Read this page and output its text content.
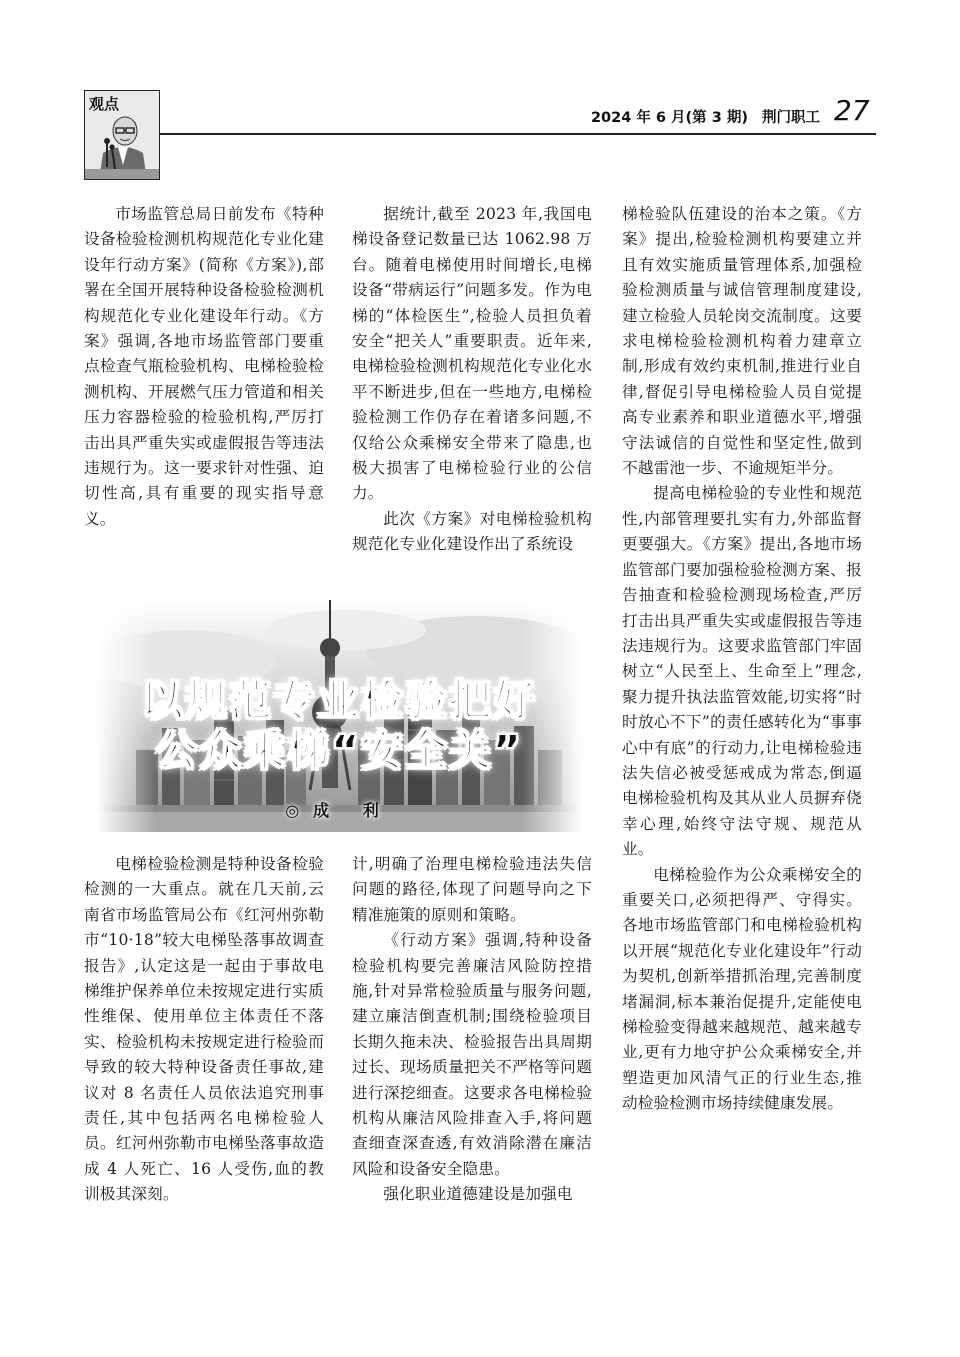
观点
2024 年 6 月(第 3 期) 荆门职工 27

市场监管总局日前发布《特种设备检验检测机构规范化专业化建设年行动方案》(简称《方案》),部署在全国开展特种设备检验检测机构规范化专业化建设年行动。《方案》强调,各地市场监管部门要重点检查气瓶检验机构、电梯检验检测机构、开展燃气压力管道和相关压力容器检验的检验机构,严厉打击出具严重失实或虚假报告等违法违规行为。这一要求针对性强、迫切性高,具有重要的现实指导意义。

据统计,截至 2023 年,我国电梯设备登记数量已达 1062.98 万台。随着电梯使用时间增长,电梯设备“带病运行”问题多发。作为电梯的“体检医生”,检验人员担负着安全“把关人”重要职责。近年来,电梯检验检测机构规范化专业化水平不断进步,但在一些地方,电梯检验检测工作仍存在着诸多问题,不仅给公众乘梯安全带来了隐患,也极大损害了电梯检验行业的公信力。

此次《方案》对电梯检验机构规范化专业化建设作出了系统设

以规范专业检验把好
公众乘梯“安全关”
◎成 利

电梯检验检测是特种设备检验检测的一大重点。就在几天前,云南省市场监管局公布《红河州弥勒市“10·18”较大电梯坠落事故调查报告》,认定这是一起由于事故电梯维护保养单位未按规定进行实质性维保、使用单位主体责任不落实、检验机构未按规定进行检验而导致的较大特种设备责任事故,建议对 8 名责任人员依法追究刑事责任,其中包括两名电梯检验人员。红河州弥勒市电梯坠落事故造成 4 人死亡、16 人受伤,血的教训极其深刻。

计,明确了治理电梯检验违法失信问题的路径,体现了问题导向之下精准施策的原则和策略。

《行动方案》强调,特种设备检验机构要完善廉洁风险防控措施,针对异常检验质量与服务问题,建立廉洁倒查机制;围绕检验项目长期久拖未决、检验报告出具周期过长、现场质量把关不严格等问题进行深挖细查。这要求各电梯检验机构从廉洁风险排查入手,将问题查细查深查透,有效消除潜在廉洁风险和设备安全隐患。

强化职业道德建设是加强电

梯检验队伍建设的治本之策。《方案》提出,检验检测机构要建立并且有效实施质量管理体系,加强检验检测质量与诚信管理制度建设,建立检验人员轮岗交流制度。这要求电梯检验检测机构着力建章立制,形成有效约束机制,推进行业自律,督促引导电梯检验人员自觉提高专业素养和职业道德水平,增强守法诚信的自觉性和坚定性,做到不越雷池一步、不逾规矩半分。

提高电梯检验的专业性和规范性,内部管理要扎实有力,外部监督更要强大。《方案》提出,各地市场监管部门要加强检验检测方案、报告抽查和检验检测现场检查,严厉打击出具严重失实或虚假报告等违法违规行为。这要求监管部门牢固树立“人民至上、生命至上”理念,聚力提升执法监管效能,切实将“时时放心不下”的责任感转化为“事事心中有底”的行动力,让电梯检验违法失信必被受惩戒成为常态,倒逼电梯检验机构及其从业人员摒弃侥幸心理,始终守法守规、规范从业。

电梯检验作为公众乘梯安全的重要关口,必须把得严、守得实。各地市场监管部门和电梯检验机构以开展“规范化专业化建设年”行动为契机,创新举措抓治理,完善制度堵漏洞,标本兼治促提升,定能使电梯检验变得越来越规范、越来越专业,更有力地守护公众乘梯安全,并塑造更加风清气正的行业生态,推动检验检测市场持续健康发展。
